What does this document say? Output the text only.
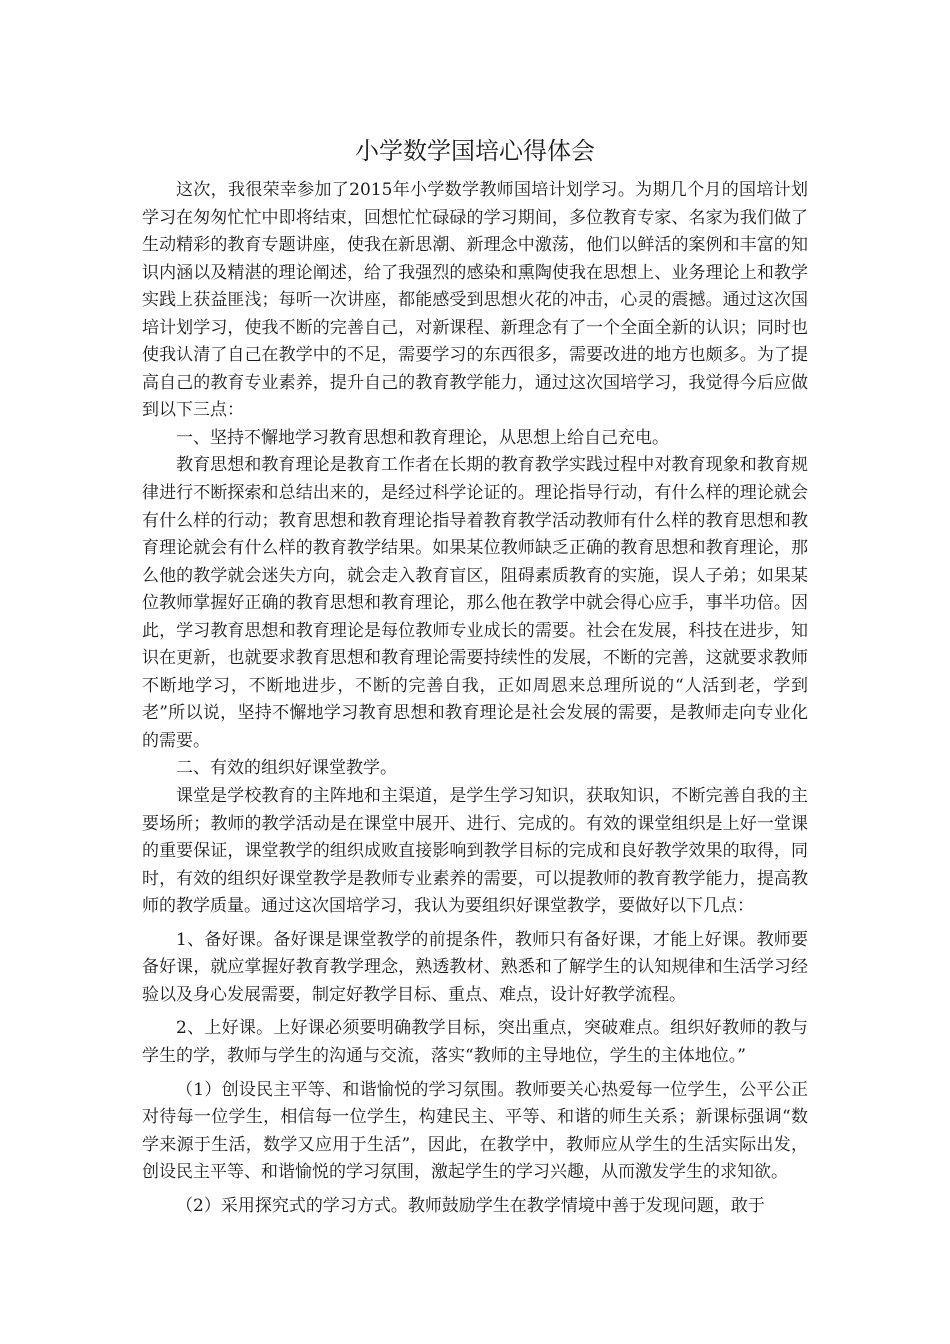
小学数学国培心得体会

这次，我很荣幸参加了2015年小学数学教师国培计划学习。为期几个月的国培计划学习在匆匆忙忙中即将结束，回想忙忙碌碌的学习期间，多位教育专家、名家为我们做了生动精彩的教育专题讲座，使我在新思潮、新理念中激荡，他们以鲜活的案例和丰富的知识内涵以及精湛的理论阐述，给了我强烈的感染和熏陶使我在思想上、业务理论上和教学实践上获益匪浅；每听一次讲座，都能感受到思想火花的冲击，心灵的震撼。通过这次国培计划学习，使我不断的完善自己，对新课程、新理念有了一个全面全新的认识；同时也使我认清了自己在教学中的不足，需要学习的东西很多，需要改进的地方也颇多。为了提高自己的教育专业素养，提升自己的教育教学能力，通过这次国培学习，我觉得今后应做到以下三点：

一、坚持不懈地学习教育思想和教育理论，从思想上给自己充电。

教育思想和教育理论是教育工作者在长期的教育教学实践过程中对教育现象和教育规律进行不断探索和总结出来的，是经过科学论证的。理论指导行动，有什么样的理论就会有什么样的行动；教育思想和教育理论指导着教育教学活动教师有什么样的教育思想和教育理论就会有什么样的教育教学结果。如果某位教师缺乏正确的教育思想和教育理论，那么他的教学就会迷失方向，就会走入教育盲区，阻碍素质教育的实施，误人子弟；如果某位教师掌握好正确的教育思想和教育理论，那么他在教学中就会得心应手，事半功倍。因此，学习教育思想和教育理论是每位教师专业成长的需要。社会在发展，科技在进步，知识在更新，也就要求教育思想和教育理论需要持续性的发展，不断的完善，这就要求教师不断地学习，不断地进步，不断的完善自我，正如周恩来总理所说的“人活到老，学到老”所以说，坚持不懈地学习教育思想和教育理论是社会发展的需要，是教师走向专业化的需要。

二、有效的组织好课堂教学。

课堂是学校教育的主阵地和主渠道，是学生学习知识，获取知识，不断完善自我的主要场所；教师的教学活动是在课堂中展开、进行、完成的。有效的课堂组织是上好一堂课的重要保证，课堂教学的组织成败直接影响到教学目标的完成和良好教学效果的取得，同时，有效的组织好课堂教学是教师专业素养的需要，可以提教师的教育教学能力，提高教师的教学质量。通过这次国培学习，我认为要组织好课堂教学，要做好以下几点：

1、备好课。备好课是课堂教学的前提条件，教师只有备好课，才能上好课。教师要备好课，就应掌握好教育教学理念，熟透教材、熟悉和了解学生的认知规律和生活学习经验以及身心发展需要，制定好教学目标、重点、难点，设计好教学流程。

2、上好课。上好课必须要明确教学目标，突出重点，突破难点。组织好教师的教与学生的学，教师与学生的沟通与交流，落实“教师的主导地位，学生的主体地位。”

（1）创设民主平等、和谐愉悦的学习氛围。教师要关心热爱每一位学生，公平公正对待每一位学生，相信每一位学生，构建民主、平等、和谐的师生关系；新课标强调“数学来源于生活，数学又应用于生活”，因此，在教学中，教师应从学生的生活实际出发，创设民主平等、和谐愉悦的学习氛围，激起学生的学习兴趣，从而激发学生的求知欲。

（2）采用探究式的学习方式。教师鼓励学生在教学情境中善于发现问题，敢于
